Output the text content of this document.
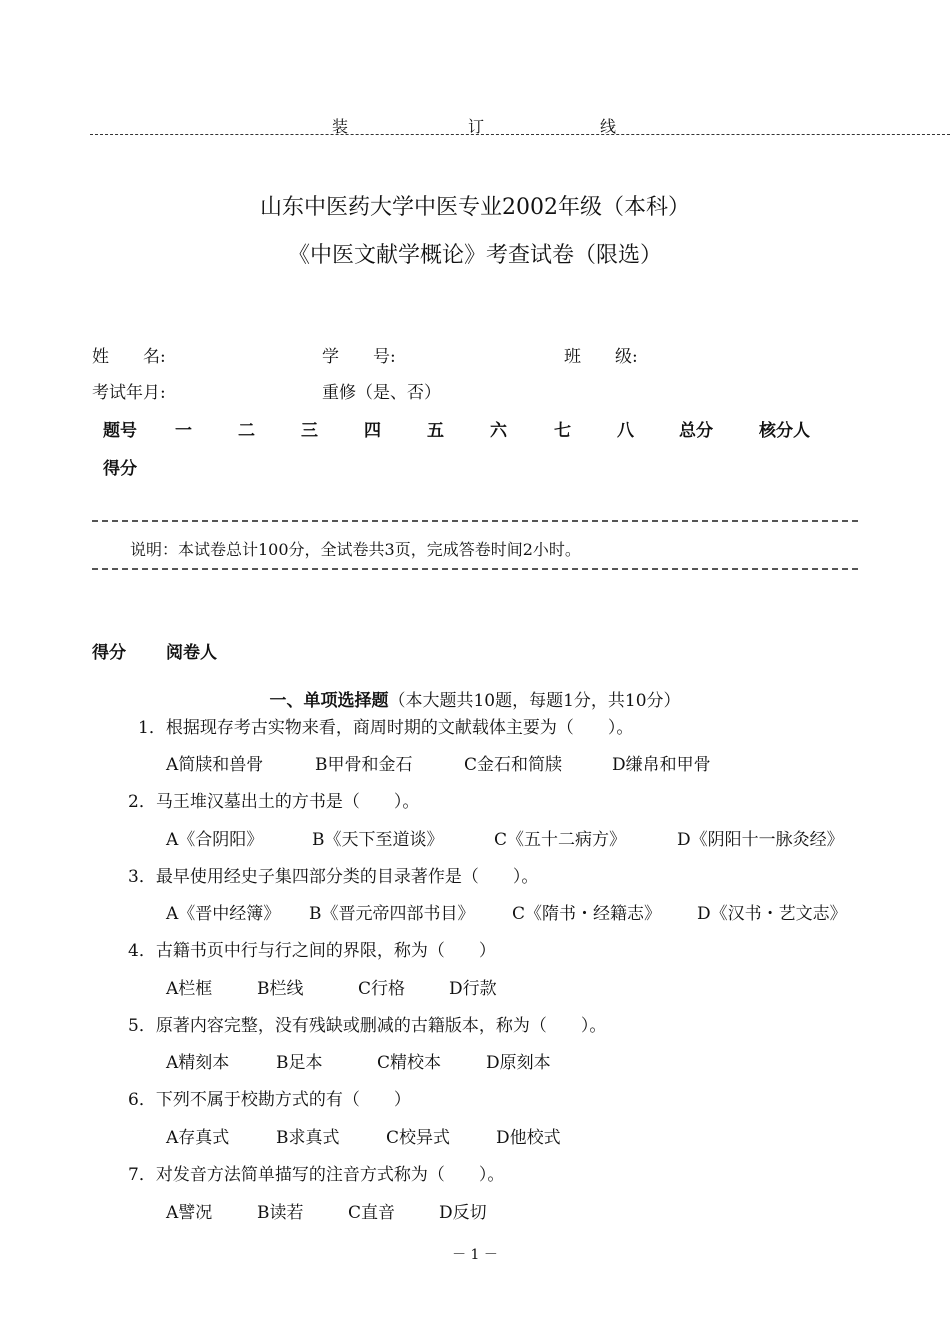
装	订	线
山东中医药大学中医专业2002年级（本科）
《中医文献学概论》考查试卷（限选）
姓　　名:	学　　号:	班　　级:
考试年月:	重修（是、否）
题号 一	二	三	四	五	六	七	八	总分	核分人
得分
说明：本试卷总计100分，全试卷共3页，完成答卷时间2小时。
得分 阅卷人
一、单项选择题（本大题共10题，每题1分，共10分）
1．根据现存考古实物来看，商周时期的文献载体主要为（　　）。
A简牍和兽骨	B甲骨和金石	C金石和简牍	D缣帛和甲骨
2．马王堆汉墓出土的方书是（　　）。
A《合阴阳》	B《天下至道谈》	C《五十二病方》	D《阴阳十一脉灸经》
3．最早使用经史子集四部分类的目录著作是（　　）。
A《晋中经簿》 B《晋元帝四部书目》 C《隋书・经籍志》 D《汉书・艺文志》
4．古籍书页中行与行之间的界限，称为（　　）
A栏框	B栏线	C行格	D行款
5．原著内容完整，没有残缺或删减的古籍版本，称为（　　）。
A精刻本	B足本	C精校本	D原刻本
6．下列不属于校勘方式的有（　　）
A存真式	B求真式	C校异式	D他校式
7．对发音方法简单描写的注音方式称为（　　）。
A譬况	B读若	C直音	D反切
－ 1 －
